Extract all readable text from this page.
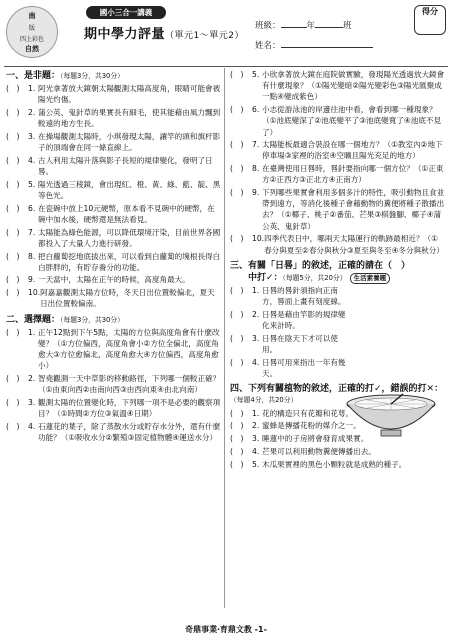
南
版
四上彩色
自然
國小三合一講義
期中學力評量（單元1～單元2）
班級：	年	班
姓名：
得分
一、是非題：（每題3分，共30分）
(　)	1. 阿光拿著放大鏡朝太陽觀測太陽高度角，眼睛可能會被陽光灼傷。
(　)	2. 蒲公英、鬼針草的果實長有細毛，使其能藉由風力飄到較遠的地方生長。
(　)	3. 在操場觀測太陽時，小琪發現太陽，讓竿的頭和旗杆影子的頂端會在同一條直線上。
(　)	4. 古人利用太陽升落與影子長短的規律變化，發明了日晷。
(　)	5. 陽光透過三稜鏡，會出現紅、橙、黃、綠、藍、靛、黑等色光。
(　)	6. 在瓷碗中放上10元硬幣，原本看不見碗中的硬幣，在碗中加水後，硬幣還是無法看見。
(　)	7. 太陽能為綠色能源，可以降低環境汙染，目前世界各國都投入了大量人力進行研發。
(　)	8. 把白蘿蔔挖地底拔出來，可以看到白蘿蔔的塊根長得白白胖胖的，有貯存養分的功能。
(　)	9. 一天當中，太陽在正午的時候，高度角最大。
(　)	10. 阿嘉嘉觀測太陽方位時，冬天日出位置較偏北，夏天日出位置較偏南。
二、選擇題：（每題3分，共30分）
(　)	1. 正午12點到下午5點，太陽的方位與高度角會有什麼改變？（①方位偏西，高度角會小②方位全偏北，高度角愈大③方位愈偏北，高度角愈大④方位偏西，高度角愈小）
(　)	2. 智堯觀測一天中草影的移動路徑，下列哪一個較正確？（①由東向西②由南向西③由西向東④由北向南）
(　)	3. 觀測太陽的位置變化時，下列哪一項不是必要的觀察項目？（①時間②方位③氣溫④日期）
(　)	4. 石蓮花的葉子，除了蒸散水分或貯存水分外，還有什麼功能？（①吸收水分②繁殖③固定植物體④運送水分）
(　)	5. 小欣拿著放大鏡在庭院做實驗，發現陽光透過放大鏡會有什麼現象？（①陽光變暗②陽光變彩色③陽光匯聚成一點④變成紫色）
(　)	6. 小志從游泳池的岸邊往池中看，會看到哪一種現象？（①池底變深了②池底變平了③池底變寬了④池底不見了）
(　)	7. 太陽能板最適合裝設在哪一個地方？（①教室內②地下停車場③家裡的浴室④空曠且陽光充足的地方）
(　)	8. 在臺灣使用日晷時，晷針要指向哪一個方位？（①正東方②正西方③正北方④正南方）
(　)	9. 下列哪些果實會利用多個多汁的特性，吸引動物且食並帶到遠方，等消化後種子會藉動物的糞便將種子散播出去？（①椰子、桃子②番茄、芒果③棋盤腳、椰子④蒲公英、鬼針草）
(　)	10. 四季代表日中，哪兩天太陽運行的軌跡最相近？（①春分與夏至②春分與秋分③夏至與冬至④冬分與秋分）
三、有關「日晷」的敘述，正確的請在（　）
　　中打✓：（每題5分，共20分） 生活素養題
(　)	1. 日晷的晷針須指向正南方，晷面上畫有刻度線。
(　)	2. 日晷是藉由竿影的規律變化來計時。
(　)	3. 日晷在陰天下才可以使用。
(　)	4. 日晷可用來指出一年有幾天。
四、下列有關植物的敘述，正確的打✓，錯誤的打✕：（每題4分，共20分）
(　)	1. 花的構造只有花瓣和花萼。
(　)	2. 蜜蜂是傳播花粉的媒介之一。
(　)	3. 睡蓮中的子房將會發育成果實。
(　)	4. 芒果可以利用動物糞便傳播出去。
(　)	5. 木瓜果實裡的黑色小顆粒就是成熟的種子。
奇鼎事業‧育鼎文教 -1-
